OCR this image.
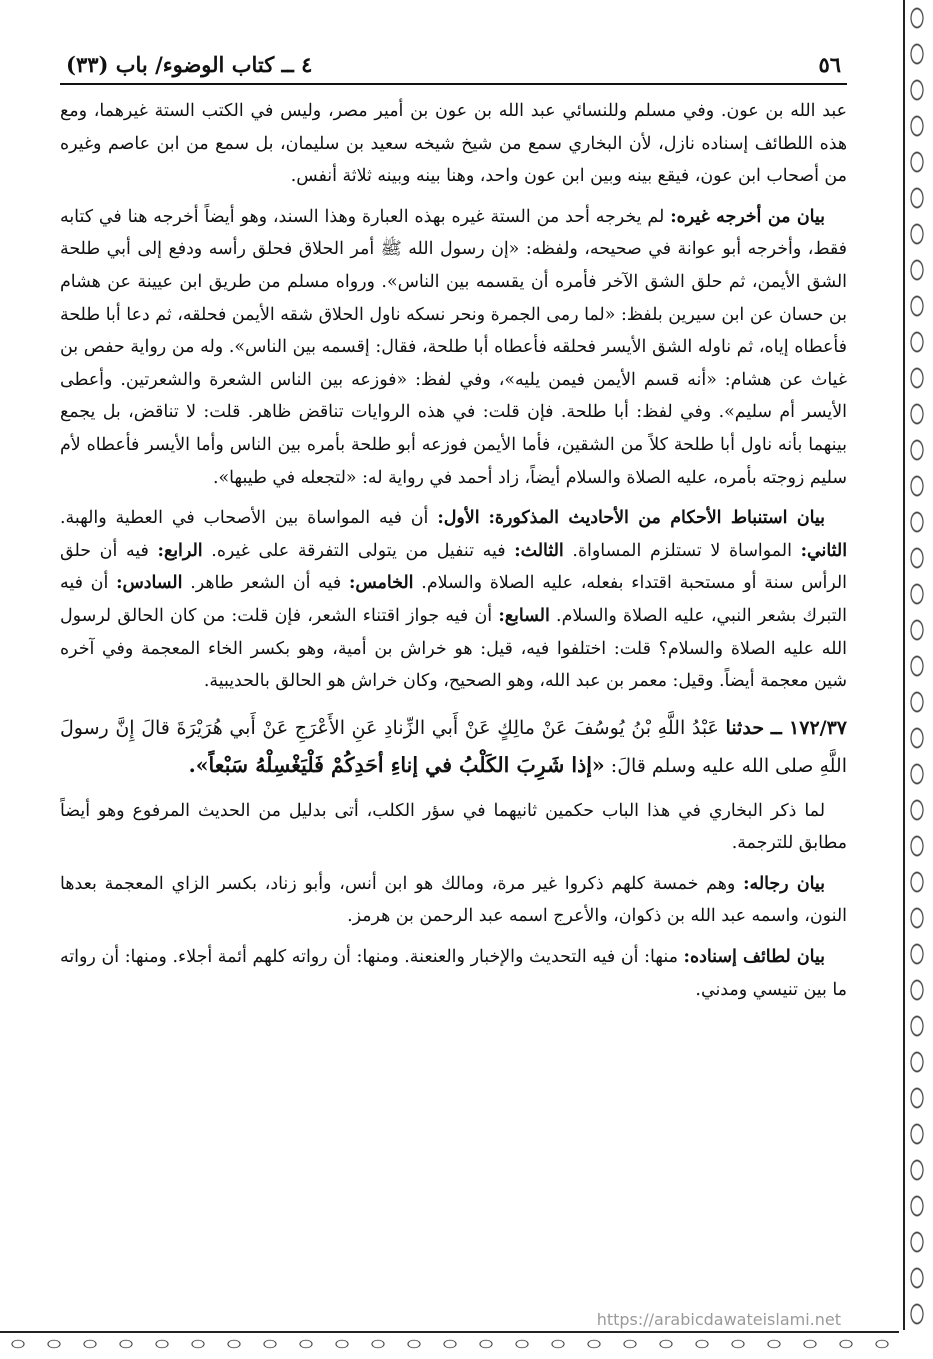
٥٦
٤ ــ كتاب الوضوء/ باب (٣٣)

عبد الله بن عون. وفي مسلم وللنسائي عبد الله بن عون بن أمير مصر، وليس في الكتب الستة غيرهما، ومع هذه اللطائف إسناده نازل، لأن البخاري سمع من شيخ شيخه سعيد بن سليمان، بل سمع من ابن عاصم وغيره من أصحاب ابن عون، فيقع بينه وبين ابن عون واحد، وهنا بينه وبينه ثلاثة أنفس.

بيان من أخرجه غيره: لم يخرجه أحد من الستة غيره بهذه العبارة وهذا السند، وهو أيضاً أخرجه هنا في كتابه فقط، وأخرجه أبو عوانة في صحيحه، ولفظه: «إن رسول الله ﷺ أمر الحلاق فحلق رأسه ودفع إلى أبي طلحة الشق الأيمن، ثم حلق الشق الآخر فأمره أن يقسمه بين الناس». ورواه مسلم من طريق ابن عيينة عن هشام بن حسان عن ابن سيرين بلفظ: «لما رمى الجمرة ونحر نسكه ناول الحلاق شقه الأيمن فحلقه، ثم دعا أبا طلحة فأعطاه إياه، ثم ناوله الشق الأيسر فحلقه فأعطاه أبا طلحة، فقال: إقسمه بين الناس». وله من رواية حفص بن غياث عن هشام: «أنه قسم الأيمن فيمن يليه»، وفي لفظ: «فوزعه بين الناس الشعرة والشعرتين. وأعطى الأيسر أم سليم». وفي لفظ: أبا طلحة. فإن قلت: في هذه الروايات تناقض ظاهر. قلت: لا تناقض، بل يجمع بينهما بأنه ناول أبا طلحة كلاً من الشقين، فأما الأيمن فوزعه أبو طلحة بأمره بين الناس وأما الأيسر فأعطاه لأم سليم زوجته بأمره، عليه الصلاة والسلام أيضاً، زاد أحمد في رواية له: «لتجعله في طيبها».

بيان استنباط الأحكام من الأحاديث المذكورة: الأول: أن فيه المواساة بين الأصحاب في العطية والهبة. الثاني: المواساة لا تستلزم المساواة. الثالث: فيه تنفيل من يتولى التفرقة على غيره. الرابع: فيه أن حلق الرأس سنة أو مستحبة اقتداء بفعله، عليه الصلاة والسلام. الخامس: فيه أن الشعر طاهر. السادس: أن فيه التبرك بشعر النبي، عليه الصلاة والسلام. السابع: أن فيه جواز اقتناء الشعر، فإن قلت: من كان الحالق لرسول الله عليه الصلاة والسلام؟ قلت: اختلفوا فيه، قيل: هو خراش بن أمية، وهو بكسر الخاء المعجمة وفي آخره شين معجمة أيضاً. وقيل: معمر بن عبد الله، وهو الصحيح، وكان خراش هو الحالق بالحديبية.

١٧٢/٣٧ ــ حدثنا عَبْدُ اللَّهِ بْنُ يُوسُفَ عَنْ مالِكٍ عَنْ أَبي الزِّنادِ عَنِ الأَعْرَجِ عَنْ أَبي هُرَيْرَةَ قالَ إِنَّ رسولَ اللَّهِ صلى الله عليه وسلم قالَ: «إذا شَرِبَ الكَلْبُ في إناءِ أحَدِكُمْ فَلْيَغْسِلْهُ سَبْعاً».

لما ذكر البخاري في هذا الباب حكمين ثانيهما في سؤر الكلب، أتى بدليل من الحديث المرفوع وهو أيضاً مطابق للترجمة.

بيان رجاله: وهم خمسة كلهم ذكروا غير مرة، ومالك هو ابن أنس، وأبو زناد، بكسر الزاي المعجمة بعدها النون، واسمه عبد الله بن ذكوان، والأعرج اسمه عبد الرحمن بن هرمز.

بيان لطائف إسناده: منها: أن فيه التحديث والإخبار والعنعنة. ومنها: أن رواته كلهم أئمة أجلاء. ومنها: أن رواته ما بين تنيسي ومدني.

https://arabicdawateislami.net
